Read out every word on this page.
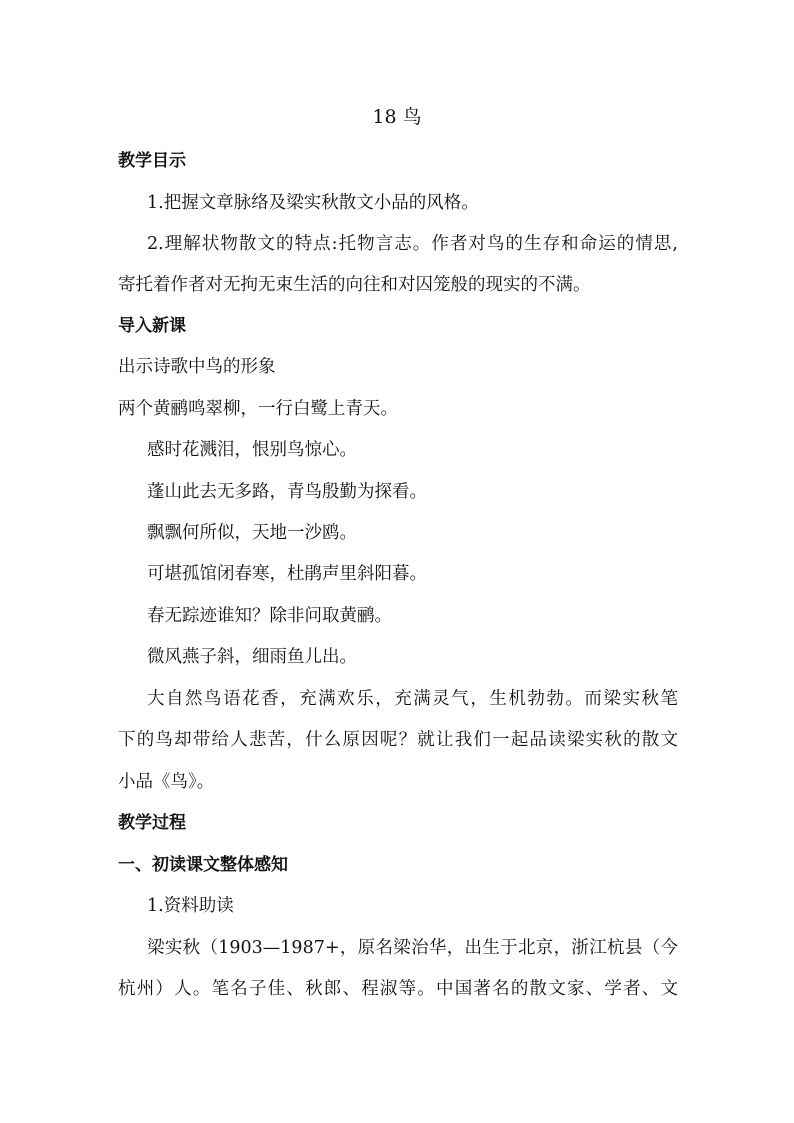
18 鸟
教学目示
1.把握文章脉络及梁实秋散文小品的风格。
2.理解状物散文的特点:托物言志。作者对鸟的生存和命运的情思,
寄托着作者对无拘无束生活的向往和对囚笼般的现实的不满。
导入新课
出示诗歌中鸟的形象
两个黄鹂鸣翠柳，一行白鹭上青天。
感时花溅泪，恨别鸟惊心。
蓬山此去无多路，青鸟殷勤为探看。
飘飘何所似，天地一沙鸥。
可堪孤馆闭春寒，杜鹃声里斜阳暮。
春无踪迹谁知？除非问取黄鹂。
微风燕子斜，细雨鱼儿出。
大自然鸟语花香，充满欢乐，充满灵气，生机勃勃。而梁实秋笔
下的鸟却带给人悲苦，什么原因呢？就让我们一起品读梁实秋的散文
小品《鸟》。
教学过程
一、初读课文整体感知
1.资料助读
梁实秋（1903—1987+，原名梁治华，出生于北京，浙江杭县（今
杭州）人。笔名子佳、秋郎、程淑等。中国著名的散文家、学者、文
